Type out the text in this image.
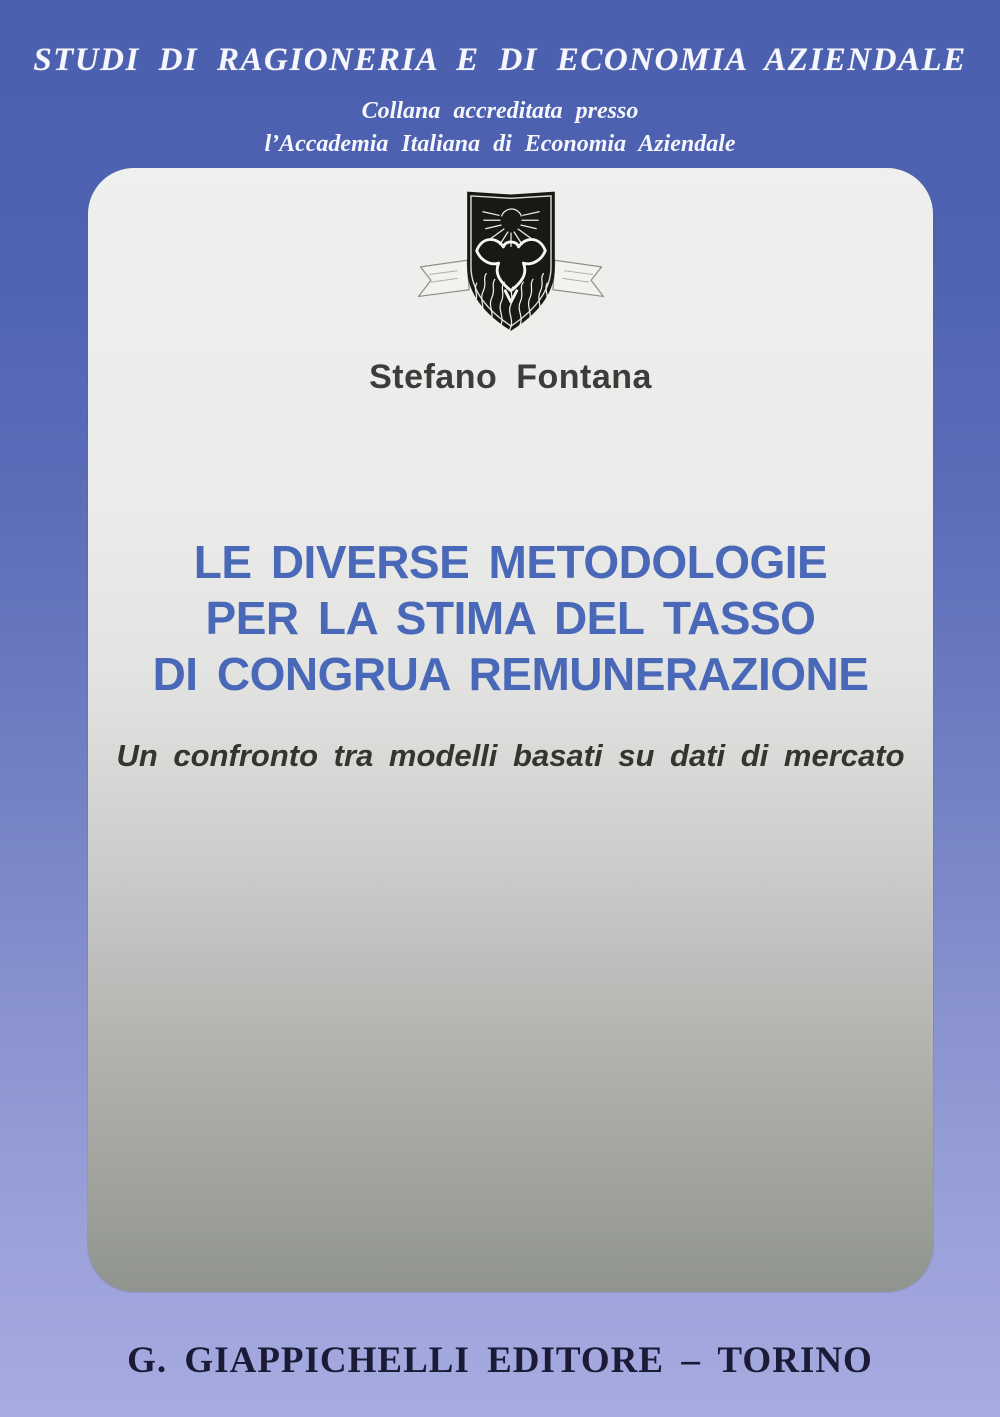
STUDI DI RAGIONERIA E DI ECONOMIA AZIENDALE
Collana accreditata presso
l’Accademia Italiana di Economia Aziendale
Stefano Fontana
LE DIVERSE METODOLOGIE
PER LA STIMA DEL TASSO
DI CONGRUA REMUNERAZIONE
Un confronto tra modelli basati su dati di mercato
G. GIAPPICHELLI EDITORE – TORINO
